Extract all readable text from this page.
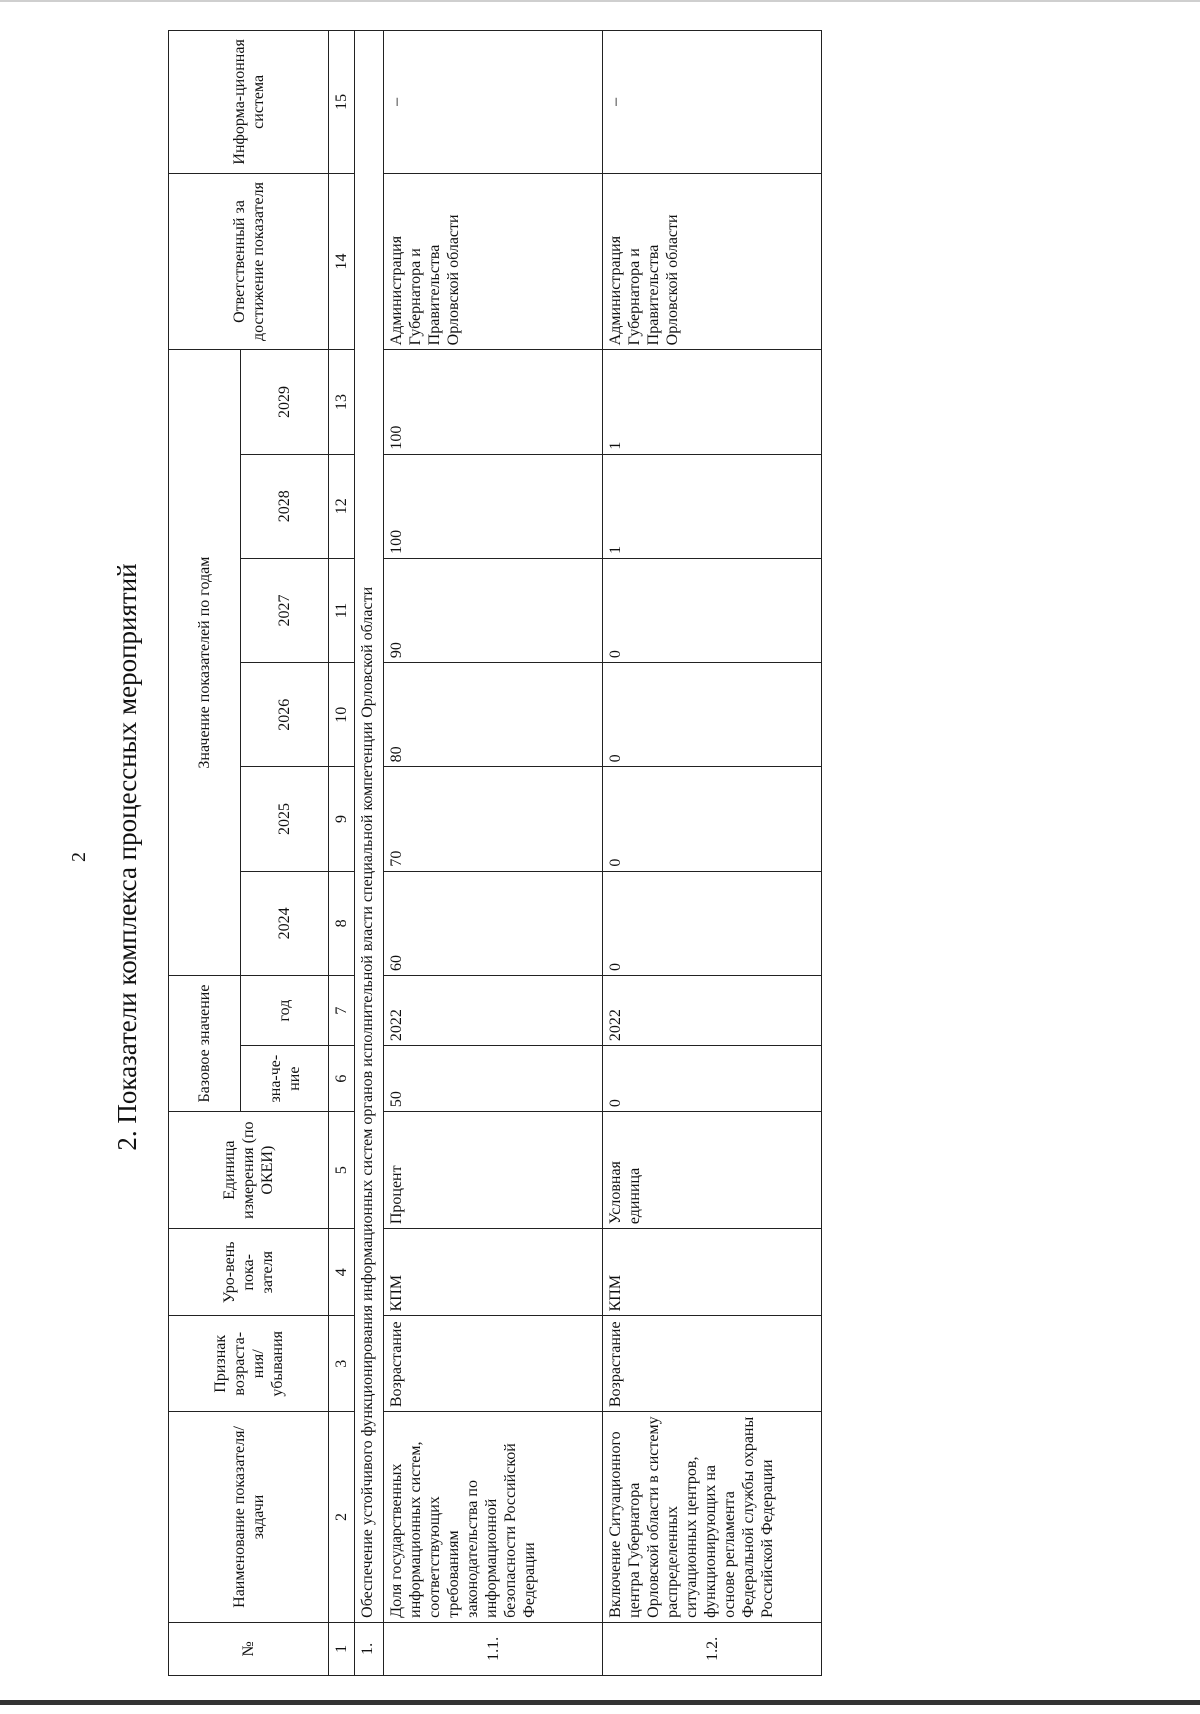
2 2. Показатели комплекса процессных мероприятий
№	Наименование показателя/задачи	Признак возраста-ния/ убывания	Уро-вень пока-зателя	Единица измерения (по ОКЕИ)	Базовое значение		Значение показателей по годам						Ответственный за достижение показателя	Информа-ционная система
					зна-че-ние	год	2024	2025	2026	2027	2028	2029		
1	2	3	4	5	6	7	8	9	10	11	12	13	14	15
1.	Обеспечение устойчивого функционирования информационных систем органов исполнительной власти специальной компетенции Орловской области													
1.1.	Доля государственных информационных систем, соответствующих требованиям законодательства по информационной безопасности Российской Федерации	Возрастание	КПМ	Процент	50	2022	60	70	80	90	100	100	Администрация Губернатора и Правительства Орловской области	–
1.2.	Включение Ситуационного центра Губернатора Орловской области в систему распределенных ситуационных центров, функционирующих на основе регламента Федеральной службы охраны Российской Федерации	Возрастание	КПМ	Условная единица	0	2022	0	0	0	0	1	1	Администрация Губернатора и Правительства Орловской области	–
